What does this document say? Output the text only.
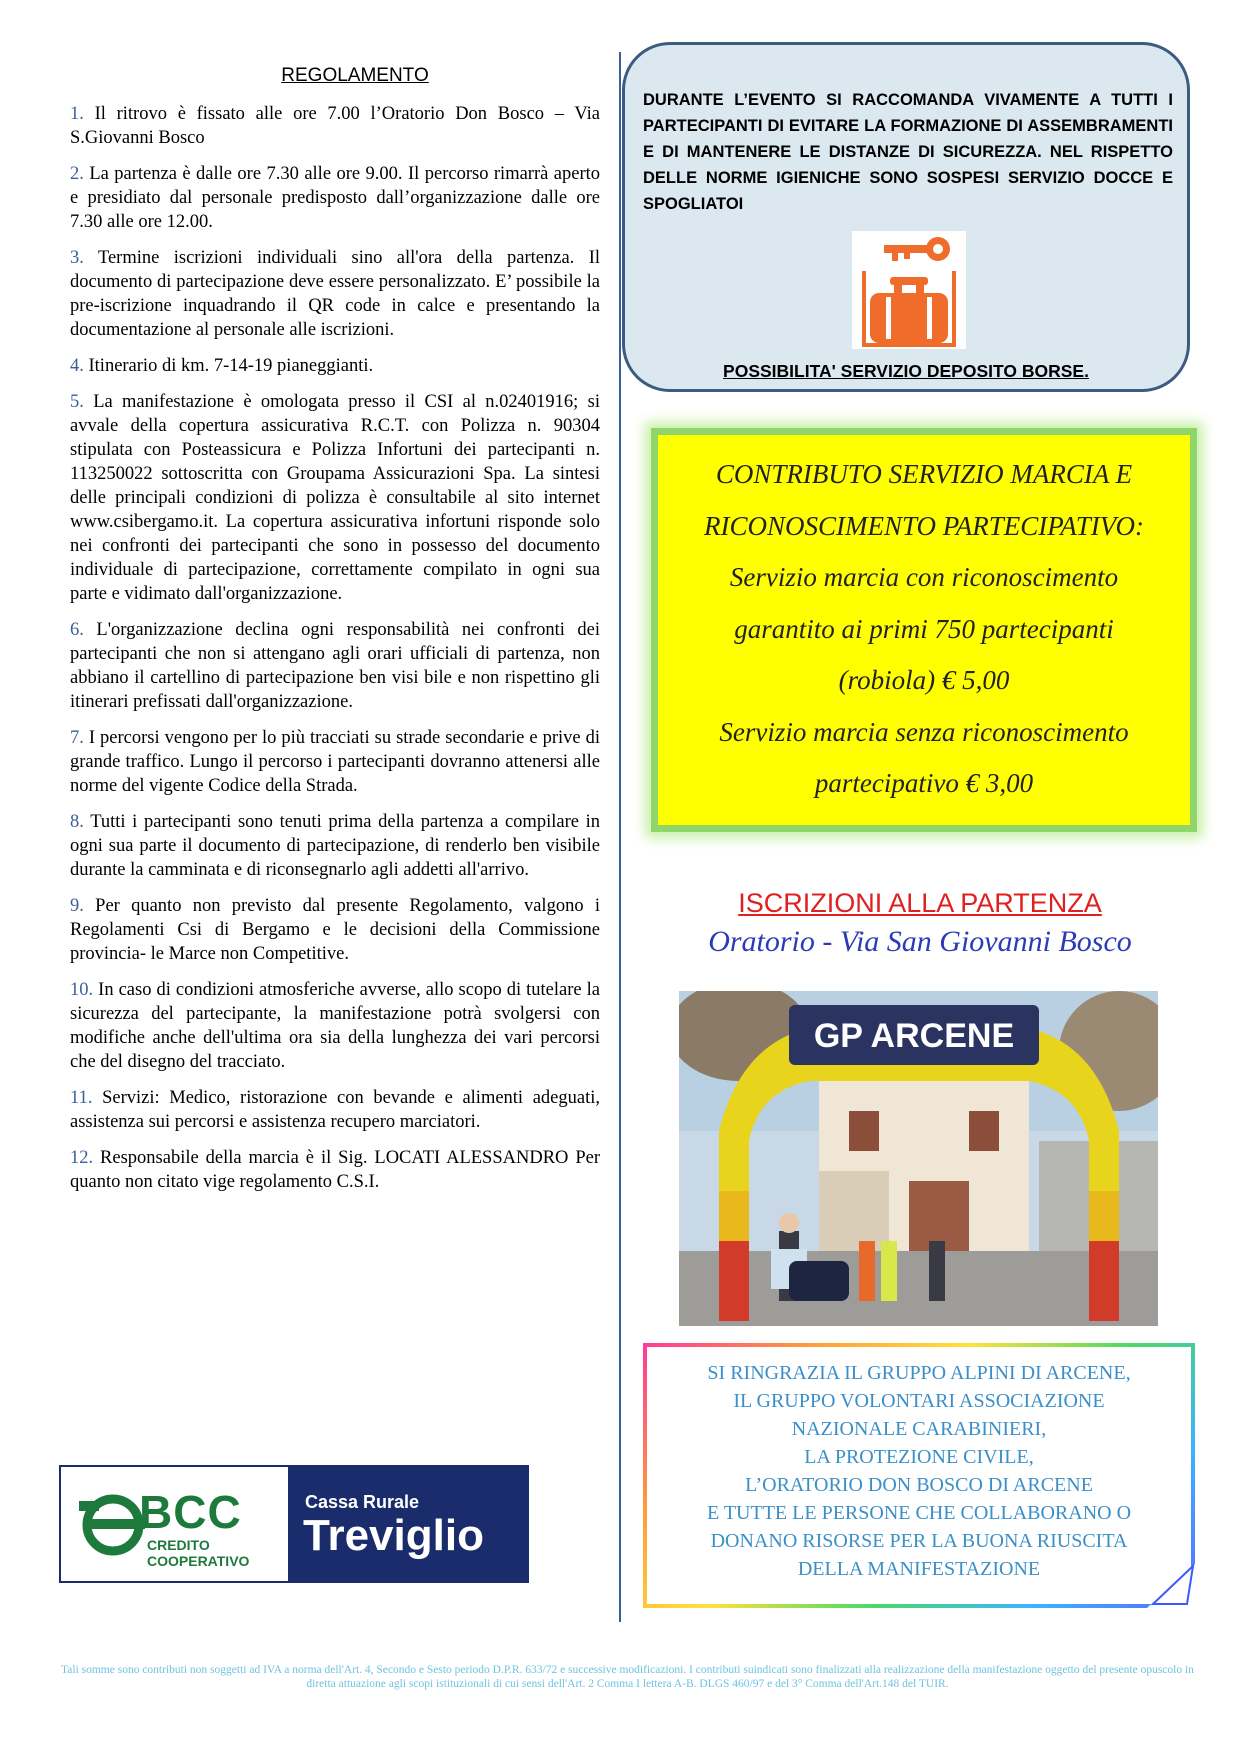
REGOLAMENTO
1. Il ritrovo è fissato alle ore 7.00 l’Oratorio Don Bosco – Via S.Giovanni Bosco
2. La partenza è dalle ore 7.30 alle ore 9.00. Il percorso rimarrà aperto e presidiato dal personale predisposto dall’organizzazione dalle ore 7.30 alle ore 12.00.
3. Termine iscrizioni individuali sino all'ora della partenza. Il documento di partecipazione deve essere personalizzato. E’ possibile la pre-iscrizione inquadrando il QR code in calce e presentando la documentazione al personale alle iscrizioni.
4. Itinerario di km. 7-14-19 pianeggianti.
5. La manifestazione è omologata presso il CSI al n.02401916; si avvale della copertura assicurativa R.C.T. con Polizza n. 90304 stipulata con Posteassicura e Polizza Infortuni dei partecipanti n. 113250022 sottoscritta con Groupama Assicurazioni Spa. La sintesi delle principali condizioni di polizza è consultabile al sito internet www.csibergamo.it. La copertura assicurativa infortuni risponde solo nei confronti dei partecipanti che sono in possesso del documento individuale di partecipazione, correttamente compilato in ogni sua parte e vidimato dall'organizzazione.
6. L'organizzazione declina ogni responsabilità nei confronti dei partecipanti che non si attengano agli orari ufficiali di partenza, non abbiano il cartellino di partecipazione ben visi bile e non rispettino gli itinerari prefissati dall'organizzazione.
7. I percorsi vengono per lo più tracciati su strade secondarie e prive di grande traffico. Lungo il percorso i partecipanti dovranno attenersi alle norme del vigente Codice della Strada.
8. Tutti i partecipanti sono tenuti prima della partenza a compilare in ogni sua parte il documento di partecipazione, di renderlo ben visibile durante la camminata e di riconsegnarlo agli addetti all'arrivo.
9. Per quanto non previsto dal presente Regolamento, valgono i Regolamenti Csi di Bergamo e le decisioni della Commissione provincia- le Marce non Competitive.
10. In caso di condizioni atmosferiche avverse, allo scopo di tutelare la sicurezza del partecipante, la manifestazione potrà svolgersi con modifiche anche dell'ultima ora sia della lunghezza dei vari percorsi che del disegno del tracciato.
11. Servizi: Medico, ristorazione con bevande e alimenti adeguati, assistenza sui percorsi e assistenza recupero marciatori.
12. Responsabile della marcia è il Sig. LOCATI ALESSANDRO Per quanto non citato vige regolamento C.S.I.
DURANTE L’EVENTO SI RACCOMANDA VIVAMENTE A TUTTI I PARTECIPANTI DI EVITARE LA FORMAZIONE DI ASSEMBRAMENTI E DI MANTENERE LE DISTANZE DI SICUREZZA. NEL RISPETTO DELLE NORME IGIENICHE SONO SOSPESI SERVIZIO DOCCE E SPOGLIATOI
POSSIBILITA' SERVIZIO DEPOSITO BORSE.
CONTRIBUTO SERVIZIO MARCIA E
RICONOSCIMENTO PARTECIPATIVO:
Servizio marcia con riconoscimento
garantito ai primi 750 partecipanti
(robiola) € 5,00
Servizio marcia senza riconoscimento
partecipativo € 3,00
ISCRIZIONI ALLA PARTENZA
Oratorio - Via San Giovanni Bosco
GP ARCENE
SI RINGRAZIA IL GRUPPO ALPINI DI ARCENE,
IL GRUPPO VOLONTARI ASSOCIAZIONE
NAZIONALE CARABINIERI,
LA PROTEZIONE CIVILE,
L’ORATORIO DON BOSCO DI ARCENE
E TUTTE LE PERSONE CHE COLLABORANO O
DONANO RISORSE PER LA BUONA RIUSCITA
DELLA MANIFESTAZIONE
BCC
CREDITO COOPERATIVO
Cassa Rurale
Treviglio
Tali somme sono contributi non soggetti ad IVA a norma dell'Art. 4, Secondo e Sesto periodo D.P.R. 633/72 e successive modificazioni. I contributi suindicati sono finalizzati alla realizzazione della manifestazione oggetto del presente opuscolo in
diretta attuazione agli scopi istituzionali di cui sensi dell'Art. 2 Comma I lettera A-B. DLGS 460/97 e del 3° Comma dell'Art.148 del TUIR.
